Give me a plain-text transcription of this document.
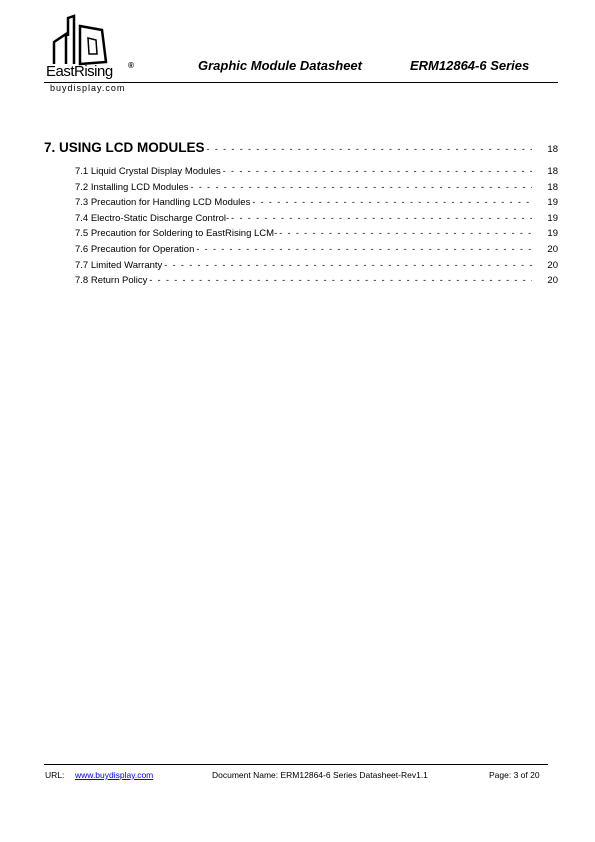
EastRising ®
buydisplay.com
Graphic Module Datasheet	ERM12864-6 Series
7. USING LCD MODULES - - -	18
7.1 Liquid Crystal Display Modules - - -	18
7.2 Installing LCD Modules - - -	18
7.3 Precaution for Handling LCD Modules - - -	19
7.4 Electro-Static Discharge Control- - - -	19
7.5 Precaution for Soldering to EastRising LCM- - - -	19
7.6 Precaution for Operation - - -	20
7.7 Limited Warranty - - -	20
7.8 Return Policy - - -	20
URL: www.buydisplay.com	Document Name: ERM12864-6 Series Datasheet-Rev1.1	Page: 3 of 20
